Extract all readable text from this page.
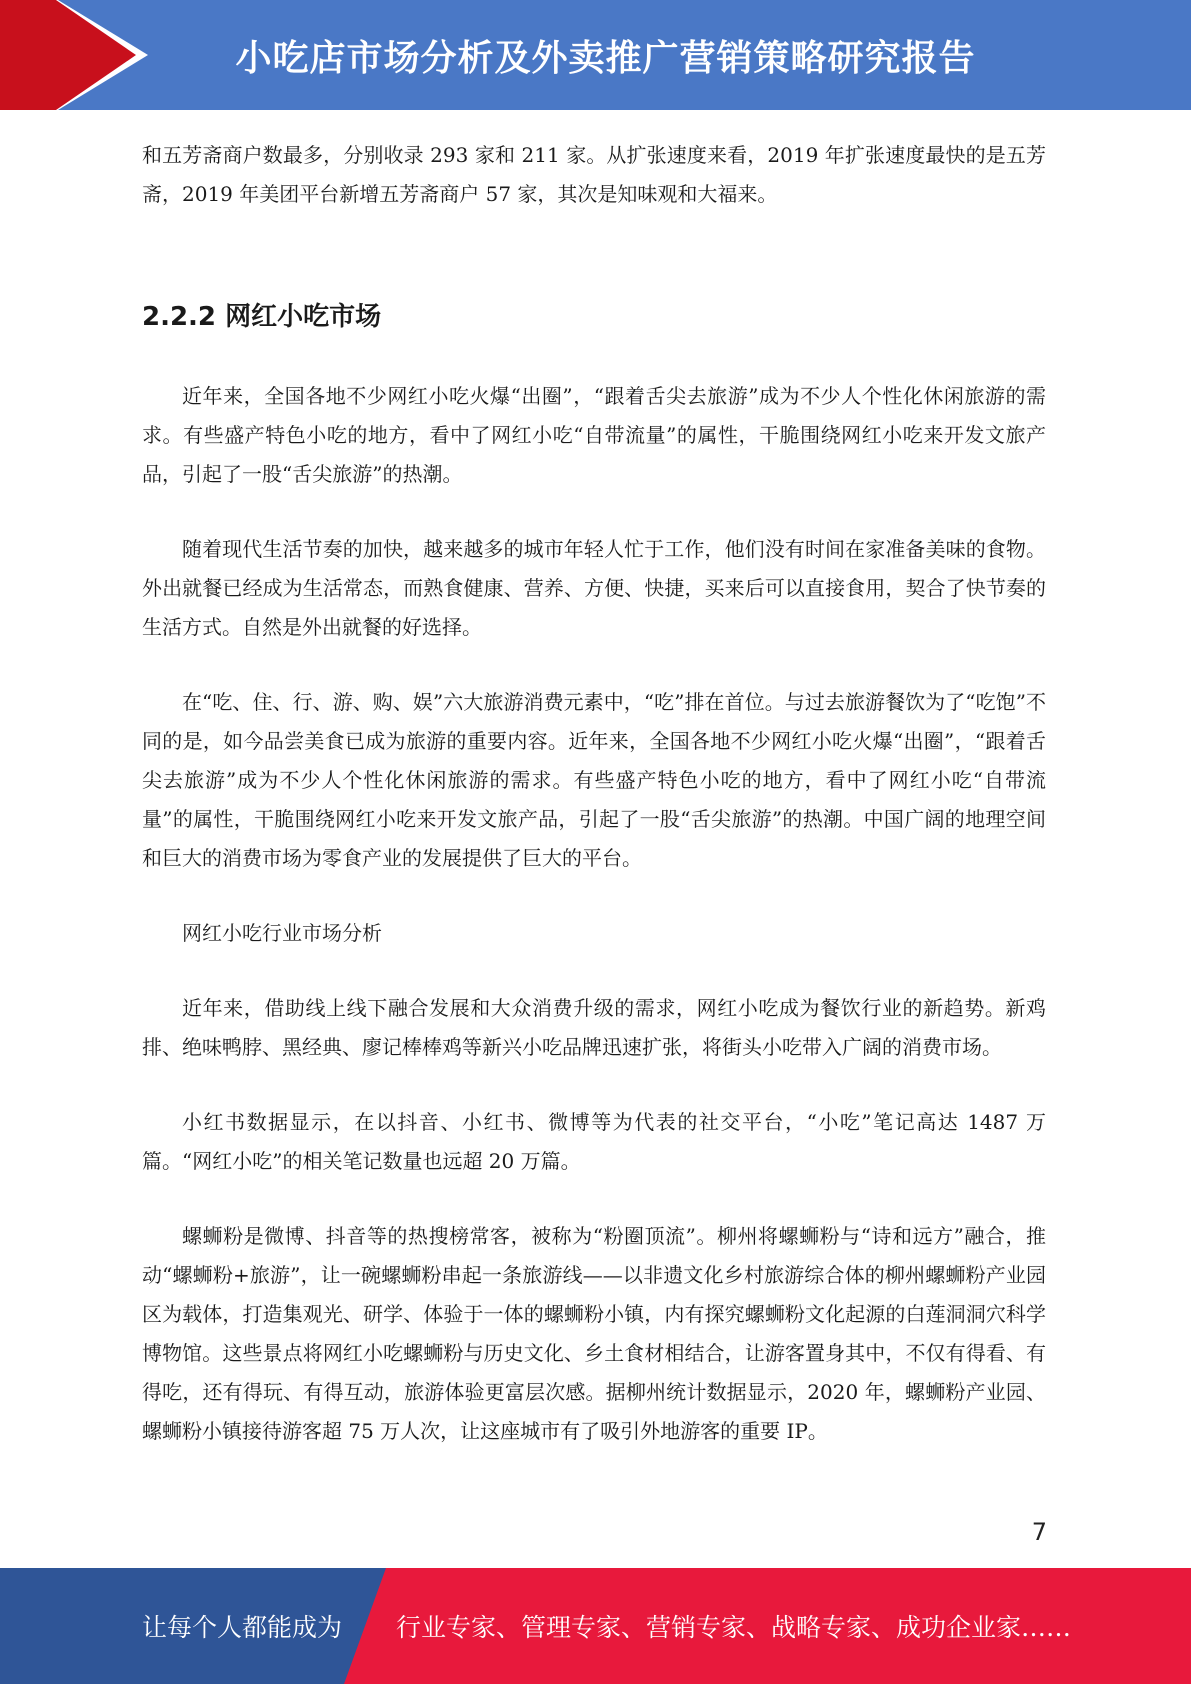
小吃店市场分析及外卖推广营销策略研究报告

和五芳斋商户数最多，分别收录 293 家和 211 家。从扩张速度来看，2019 年扩张速度最快的是五芳斋，2019 年美团平台新增五芳斋商户 57 家，其次是知味观和大福来。

2.2.2 网红小吃市场

近年来，全国各地不少网红小吃火爆“出圈”，“跟着舌尖去旅游”成为不少人个性化休闲旅游的需求。有些盛产特色小吃的地方，看中了网红小吃“自带流量”的属性，干脆围绕网红小吃来开发文旅产品，引起了一股“舌尖旅游”的热潮。

随着现代生活节奏的加快，越来越多的城市年轻人忙于工作，他们没有时间在家准备美味的食物。外出就餐已经成为生活常态，而熟食健康、营养、方便、快捷，买来后可以直接食用，契合了快节奏的生活方式。自然是外出就餐的好选择。

在“吃、住、行、游、购、娱”六大旅游消费元素中，“吃”排在首位。与过去旅游餐饮为了“吃饱”不同的是，如今品尝美食已成为旅游的重要内容。近年来，全国各地不少网红小吃火爆“出圈”，“跟着舌尖去旅游”成为不少人个性化休闲旅游的需求。有些盛产特色小吃的地方，看中了网红小吃“自带流量”的属性，干脆围绕网红小吃来开发文旅产品，引起了一股“舌尖旅游”的热潮。中国广阔的地理空间和巨大的消费市场为零食产业的发展提供了巨大的平台。

网红小吃行业市场分析

近年来，借助线上线下融合发展和大众消费升级的需求，网红小吃成为餐饮行业的新趋势。新鸡排、绝味鸭脖、黑经典、廖记棒棒鸡等新兴小吃品牌迅速扩张，将街头小吃带入广阔的消费市场。

小红书数据显示，在以抖音、小红书、微博等为代表的社交平台，“小吃”笔记高达 1487 万篇。“网红小吃”的相关笔记数量也远超 20 万篇。

螺蛳粉是微博、抖音等的热搜榜常客，被称为“粉圈顶流”。柳州将螺蛳粉与“诗和远方”融合，推动“螺蛳粉+旅游”，让一碗螺蛳粉串起一条旅游线——以非遗文化乡村旅游综合体的柳州螺蛳粉产业园区为载体，打造集观光、研学、体验于一体的螺蛳粉小镇，内有探究螺蛳粉文化起源的白莲洞洞穴科学博物馆。这些景点将网红小吃螺蛳粉与历史文化、乡土食材相结合，让游客置身其中，不仅有得看、有得吃，还有得玩、有得互动，旅游体验更富层次感。据柳州统计数据显示，2020 年，螺蛳粉产业园、螺蛳粉小镇接待游客超 75 万人次，让这座城市有了吸引外地游客的重要 IP。

7
让每个人都能成为 行业专家、管理专家、营销专家、战略专家、成功企业家……
